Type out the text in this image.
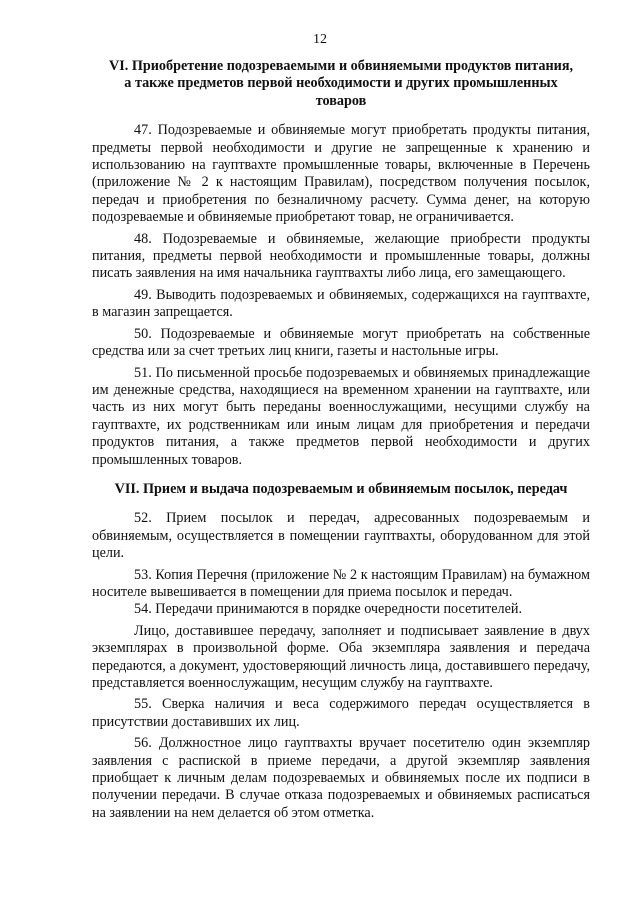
12
VI. Приобретение подозреваемыми и обвиняемыми продуктов питания,
а также предметов первой необходимости и других промышленных
товаров

47. Подозреваемые и обвиняемые могут приобретать продукты питания, предметы первой необходимости и другие не запрещенные к хранению и использованию на гауптвахте промышленные товары, включенные в Перечень (приложение № 2 к настоящим Правилам), посредством получения посылок, передач и приобретения по безналичному расчету. Сумма денег, на которую подозреваемые и обвиняемые приобретают товар, не ограничивается.

48. Подозреваемые и обвиняемые, желающие приобрести продукты питания, предметы первой необходимости и промышленные товары, должны писать заявления на имя начальника гауптвахты либо лица, его замещающего.

49. Выводить подозреваемых и обвиняемых, содержащихся на гауптвахте, в магазин запрещается.

50. Подозреваемые и обвиняемые могут приобретать на собственные средства или за счет третьих лиц книги, газеты и настольные игры.

51. По письменной просьбе подозреваемых и обвиняемых принадлежащие им денежные средства, находящиеся на временном хранении на гауптвахте, или часть из них могут быть переданы военнослужащими, несущими службу на гауптвахте, их родственникам или иным лицам для приобретения и передачи продуктов питания, а также предметов первой необходимости и других промышленных товаров.

VII. Прием и выдача подозреваемым и обвиняемым посылок, передач

52. Прием посылок и передач, адресованных подозреваемым и обвиняемым, осуществляется в помещении гауптвахты, оборудованном для этой цели.

53. Копия Перечня (приложение № 2 к настоящим Правилам) на бумажном носителе вывешивается в помещении для приема посылок и передач.

54. Передачи принимаются в порядке очередности посетителей.

Лицо, доставившее передачу, заполняет и подписывает заявление в двух экземплярах в произвольной форме. Оба экземпляра заявления и передача передаются, а документ, удостоверяющий личность лица, доставившего передачу, представляется военнослужащим, несущим службу на гауптвахте.

55. Сверка наличия и веса содержимого передач осуществляется в присутствии доставивших их лиц.

56. Должностное лицо гауптвахты вручает посетителю один экземпляр заявления с распиской в приеме передачи, а другой экземпляр заявления приобщает к личным делам подозреваемых и обвиняемых после их подписи в получении передачи. В случае отказа подозреваемых и обвиняемых расписаться на заявлении на нем делается об этом отметка.
